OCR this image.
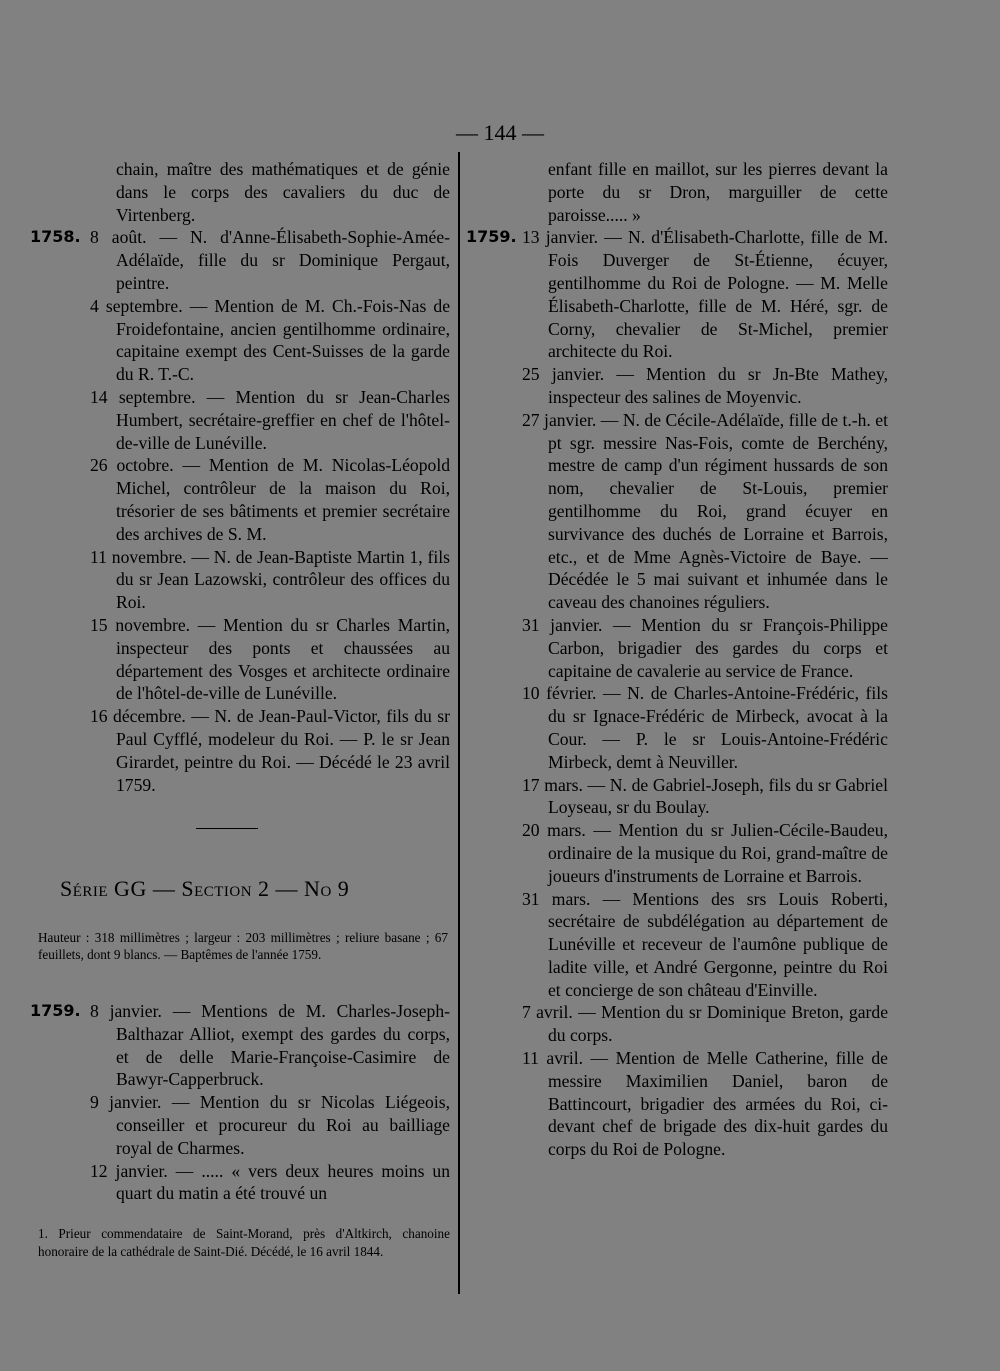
— 144 —
chain, maître des mathématiques et de génie dans le corps des cavaliers du duc de Virtenberg.
1758. 8 août. — N. d'Anne-Élisabeth-Sophie-Amée-Adélaïde, fille du sr Dominique Pergaut, peintre.
4 septembre. — Mention de M. Ch.-Fois-Nas de Froidefontaine, ancien gentilhomme ordinaire, capitaine exempt des Cent-Suisses de la garde du R. T.-C.
14 septembre. — Mention du sr Jean-Charles Humbert, secrétaire-greffier en chef de l'hôtel-de-ville de Lunéville.
26 octobre. — Mention de M. Nicolas-Léopold Michel, contrôleur de la maison du Roi, trésorier de ses bâtiments et premier secrétaire des archives de S. M.
11 novembre. — N. de Jean-Baptiste Martin 1, fils du sr Jean Lazowski, contrôleur des offices du Roi.
15 novembre. — Mention du sr Charles Martin, inspecteur des ponts et chaussées au département des Vosges et architecte ordinaire de l'hôtel-de-ville de Lunéville.
16 décembre. — N. de Jean-Paul-Victor, fils du sr Paul Cyfflé, modeleur du Roi. — P. le sr Jean Girardet, peintre du Roi. — Décédé le 23 avril 1759.
Série GG — Section 2 — No 9
Hauteur : 318 millimètres ; largeur : 203 millimètres ; reliure basane ; 67 feuillets, dont 9 blancs. — Baptêmes de l'année 1759.
1759. 8 janvier. — Mentions de M. Charles-Joseph-Balthazar Alliot, exempt des gardes du corps, et de delle Marie-Françoise-Casimire de Bawyr-Capperbruck.
9 janvier. — Mention du sr Nicolas Liégeois, conseiller et procureur du Roi au bailliage royal de Charmes.
12 janvier. — ..... « vers deux heures moins un quart du matin a été trouvé un
1. Prieur commendataire de Saint-Morand, près d'Altkirch, chanoine honoraire de la cathédrale de Saint-Dié. Décédé, le 16 avril 1844.
enfant fille en maillot, sur les pierres devant la porte du sr Dron, marguiller de cette paroisse..... »
1759. 13 janvier. — N. d'Élisabeth-Charlotte, fille de M. Fois Duverger de St-Étienne, écuyer, gentilhomme du Roi de Pologne. — M. Melle Élisabeth-Charlotte, fille de M. Héré, sgr. de Corny, chevalier de St-Michel, premier architecte du Roi.
25 janvier. — Mention du sr Jn-Bte Mathey, inspecteur des salines de Moyenvic.
27 janvier. — N. de Cécile-Adélaïde, fille de t.-h. et pt sgr. messire Nas-Fois, comte de Berchény, mestre de camp d'un régiment hussards de son nom, chevalier de St-Louis, premier gentilhomme du Roi, grand écuyer en survivance des duchés de Lorraine et Barrois, etc., et de Mme Agnès-Victoire de Baye. — Décédée le 5 mai suivant et inhumée dans le caveau des chanoines réguliers.
31 janvier. — Mention du sr François-Philippe Carbon, brigadier des gardes du corps et capitaine de cavalerie au service de France.
10 février. — N. de Charles-Antoine-Frédéric, fils du sr Ignace-Frédéric de Mirbeck, avocat à la Cour. — P. le sr Louis-Antoine-Frédéric Mirbeck, demt à Neuviller.
17 mars. — N. de Gabriel-Joseph, fils du sr Gabriel Loyseau, sr du Boulay.
20 mars. — Mention du sr Julien-Cécile-Baudeu, ordinaire de la musique du Roi, grand-maître de joueurs d'instruments de Lorraine et Barrois.
31 mars. — Mentions des srs Louis Roberti, secrétaire de subdélégation au département de Lunéville et receveur de l'aumône publique de ladite ville, et André Gergonne, peintre du Roi et concierge de son château d'Einville.
7 avril. — Mention du sr Dominique Breton, garde du corps.
11 avril. — Mention de Melle Catherine, fille de messire Maximilien Daniel, baron de Battincourt, brigadier des armées du Roi, ci-devant chef de brigade des dix-huit gardes du corps du Roi de Pologne.
